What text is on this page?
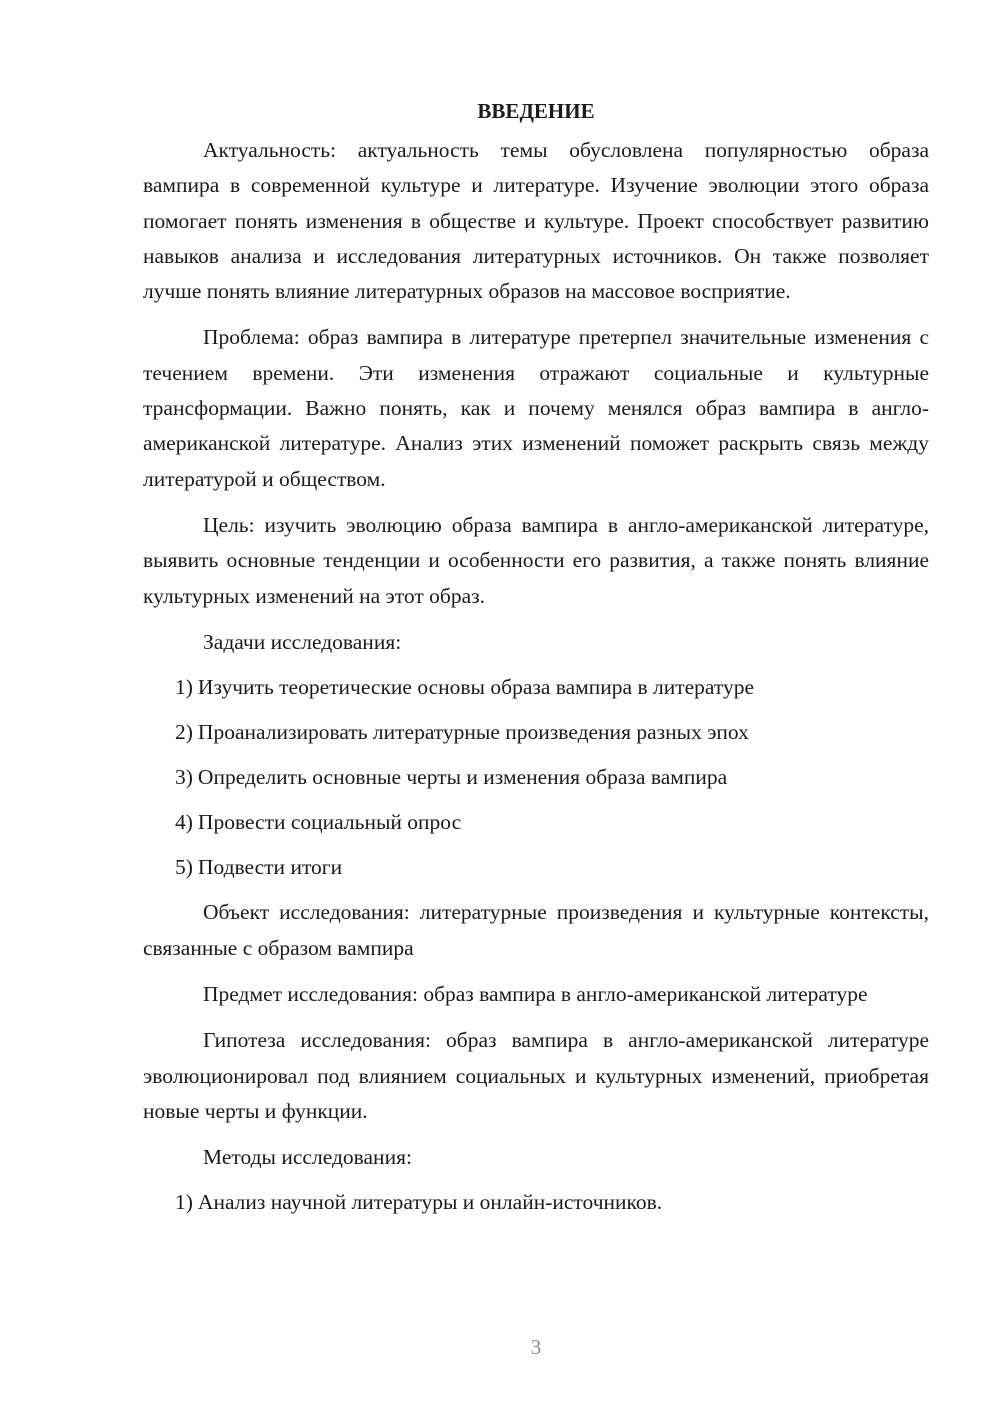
ВВЕДЕНИЕ

Актуальность: актуальность темы обусловлена популярностью образа вампира в современной культуре и литературе. Изучение эволюции этого образа помогает понять изменения в обществе и культуре. Проект способствует развитию навыков анализа и исследования литературных источников. Он также позволяет лучше понять влияние литературных образов на массовое восприятие.

Проблема: образ вампира в литературе претерпел значительные изменения с течением времени. Эти изменения отражают социальные и культурные трансформации. Важно понять, как и почему менялся образ вампира в англо-американской литературе. Анализ этих изменений поможет раскрыть связь между литературой и обществом.

Цель: изучить эволюцию образа вампира в англо-американской литературе, выявить основные тенденции и особенности его развития, а также понять влияние культурных изменений на этот образ.

Задачи исследования:
1) Изучить теоретические основы образа вампира в литературе
2) Проанализировать литературные произведения разных эпох
3) Определить основные черты и изменения образа вампира
4) Провести социальный опрос
5) Подвести итоги

Объект исследования: литературные произведения и культурные контексты, связанные с образом вампира

Предмет исследования: образ вампира в англо-американской литературе

Гипотеза исследования: образ вампира в англо-американской литературе эволюционировал под влиянием социальных и культурных изменений, приобретая новые черты и функции.

Методы исследования:
1) Анализ научной литературы и онлайн-источников.
3
